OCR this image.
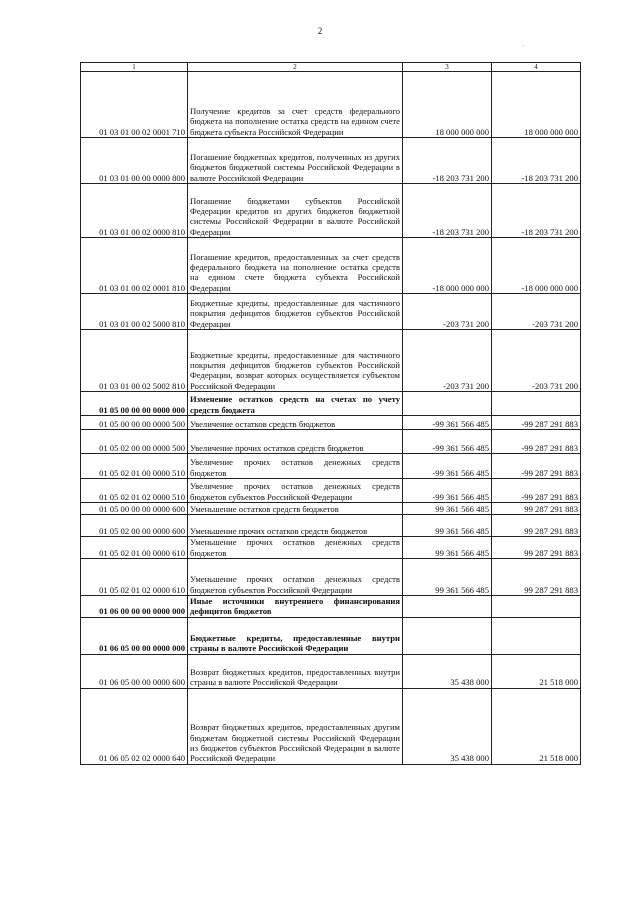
2
·
1	2	3	4
01 03 01 00 02 0001 710	Получение кредитов за счет средств федерального бюджета на пополнение остатка средств на едином счете бюджета субъекта Российской Федерации	18 000 000 000	18 000 000 000
01 03 01 00 00 0000 800	Погашение бюджетных кредитов, полученных из других бюджетов бюджетной системы Российской Федерации в валюте Российской Федерации	-18 203 731 200	-18 203 731 200
01 03 01 00 02 0000 810	Погашение бюджетами субъектов Российской Федерации кредитов из других бюджетов бюджетной системы Российской Федерации в валюте Российской Федерации	-18 203 731 200	-18 203 731 200
01 03 01 00 02 0001 810	Погашение кредитов, предоставленных за счет средств федерального бюджета на пополнение остатка средств на едином счете бюджета субъекта Российской Федерации	-18 000 000 000	-18 000 000 000
01 03 01 00 02 5000 810	Бюджетные кредиты, предоставленные для частичного покрытия дефицитов бюджетов субъектов Российской Федерации	-203 731 200	-203 731 200
01 03 01 00 02 5002 810	Бюджетные кредиты, предоставленные для частичного покрытия дефицитов бюджетов субъектов Российской Федерации, возврат которых осуществляется субъектом Российской Федерации	-203 731 200	-203 731 200
01 05 00 00 00 0000 000	Изменение остатков средств на счетах по учету средств бюджета		
01 05 00 00 00 0000 500	Увеличение остатков средств бюджетов	-99 361 566 485	-99 287 291 883
01 05 02 00 00 0000 500	Увеличение прочих остатков средств бюджетов	-99 361 566 485	-99 287 291 883
01 05 02 01 00 0000 510	Увеличение прочих остатков денежных средств бюджетов	-99 361 566 485	-99 287 291 883
01 05 02 01 02 0000 510	Увеличение прочих остатков денежных средств бюджетов субъектов Российской Федерации	-99 361 566 485	-99 287 291 883
01 05 00 00 00 0000 600	Уменьшение остатков средств бюджетов	99 361 566 485	99 287 291 883
01 05 02 00 00 0000 600	Уменьшение прочих остатков средств бюджетов	99 361 566 485	99 287 291 883
01 05 02 01 00 0000 610	Уменьшение прочих остатков денежных средств бюджетов	99 361 566 485	99 287 291 883
01 05 02 01 02 0000 610	Уменьшение прочих остатков денежных средств бюджетов субъектов Российской Федерации	99 361 566 485	99 287 291 883
01 06 00 00 00 0000 000	Иные источники внутреннего финансирования дефицитов бюджетов		
01 06 05 00 00 0000 000	Бюджетные кредиты, предоставленные внутри страны в валюте Российской Федерации		
01 06 05 00 00 0000 600	Возврат бюджетных кредитов, предоставленных внутри страны в валюте Российской Федерации	35 438 000	21 518 000
01 06 05 02 02 0000 640	Возврат бюджетных кредитов, предоставленных другим бюджетам бюджетной системы Российской Федерации из бюджетов субъектов Российской Федерации в валюте Российской Федерации	35 438 000	21 518 000
